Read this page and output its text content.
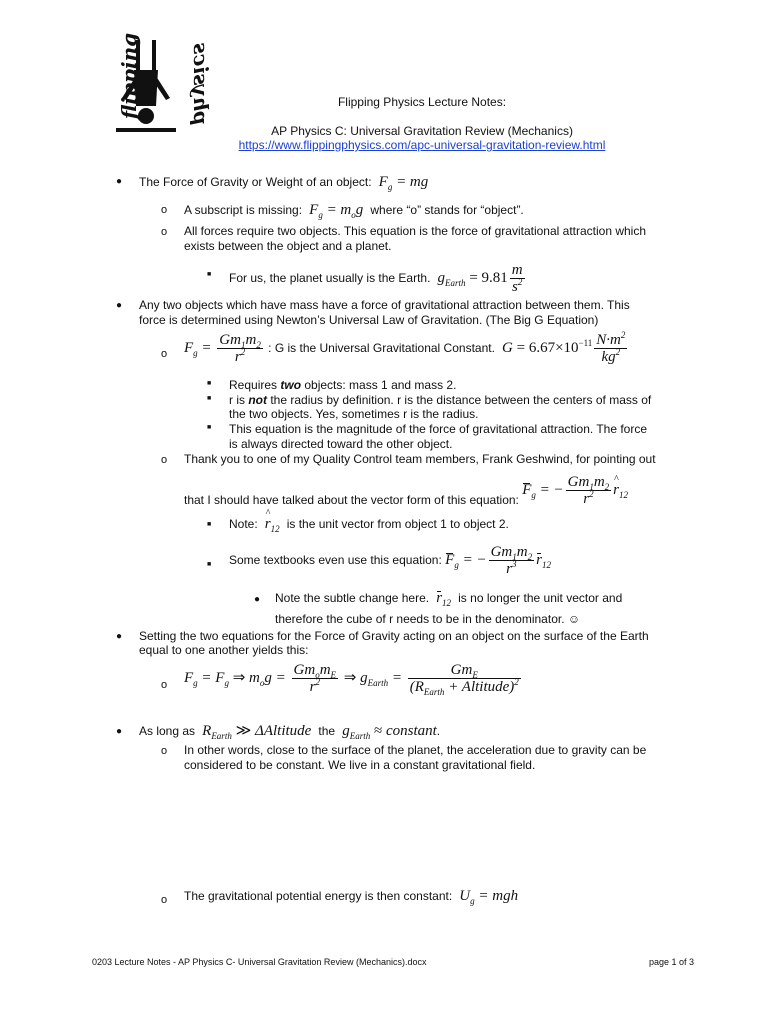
flipping physics	Flipping Physics Lecture Notes:
AP Physics C: Universal Gravitation Review (Mechanics)
https://www.flippingphysics.com/apc-universal-gravitation-review.html
● The Force of Gravity or Weight of an object:  $F_g$ = mg
o A subscript is missing:  $F_g = m_og$  where “o” stands for “object”.
o All forces require two objects. This equation is the force of gravitational attraction which
exists between the object and a planet.
■ For us, the planet usually is the Earth.  $g_{Earth} = 9.81 \frac{m}{s^2}$
● Any two objects which have mass have a force of gravitational attraction between them. This
force is determined using Newton’s Universal Law of Gravitation. (The Big G Equation)
o $F_g = \frac{Gm_1m_2}{r^2}$ : G is the Universal Gravitational Constant.  $G = 6.67\times 10^{-11} \frac{N\cdot m^2}{kg^2}$
■ Requires two objects: mass 1 and mass 2.
■ r is not the radius by definition. r is the distance between the centers of mass of
the two objects. Yes, sometimes r is the radius.
■ This equation is the magnitude of the force of gravitational attraction. The force
is always directed toward the other object.
o Thank you to one of my Quality Control team members, Frank Geshwind, for pointing out
that I should have talked about the vector form of this equation: $F_g$ = − $\frac{Gm_1m_2}{r^2}$ ^ $r_{12}$
■ Note: ^ $r_{12}$ is the unit vector from object 1 to object 2.
■ Some textbooks even use this equation: $F_g$ = − $\frac{Gm_1m_2}{r^3} r_{12}$
● Note the subtle change here. $r_{12}$ is no longer the unit vector and
therefore the cube of r needs to be in the denominator. ☺
● Setting the two equations for the Force of Gravity acting on an object on the surface of the Earth
equal to one another yields this:
o $F_g = F_g$ ⇒ $m_og = \frac{Gm_om_E}{r^2}$ ⇒ $g_{Earth} = \frac{Gm_E}{(R_{Earth} + Altitude)^2}$
● As long as  $R_{Earth}$ ≫ ΔAltitude  the  $g_{Earth}$ ≈ constant.
o In other words, close to the surface of the planet, the acceleration due to gravity can be
considered to be constant. We live in a constant gravitational field.
o The gravitational potential energy is then constant:  $U_g$ = mgh
0203 Lecture Notes - AP Physics C- Universal Gravitation Review (Mechanics).docx	page 1 of 3
